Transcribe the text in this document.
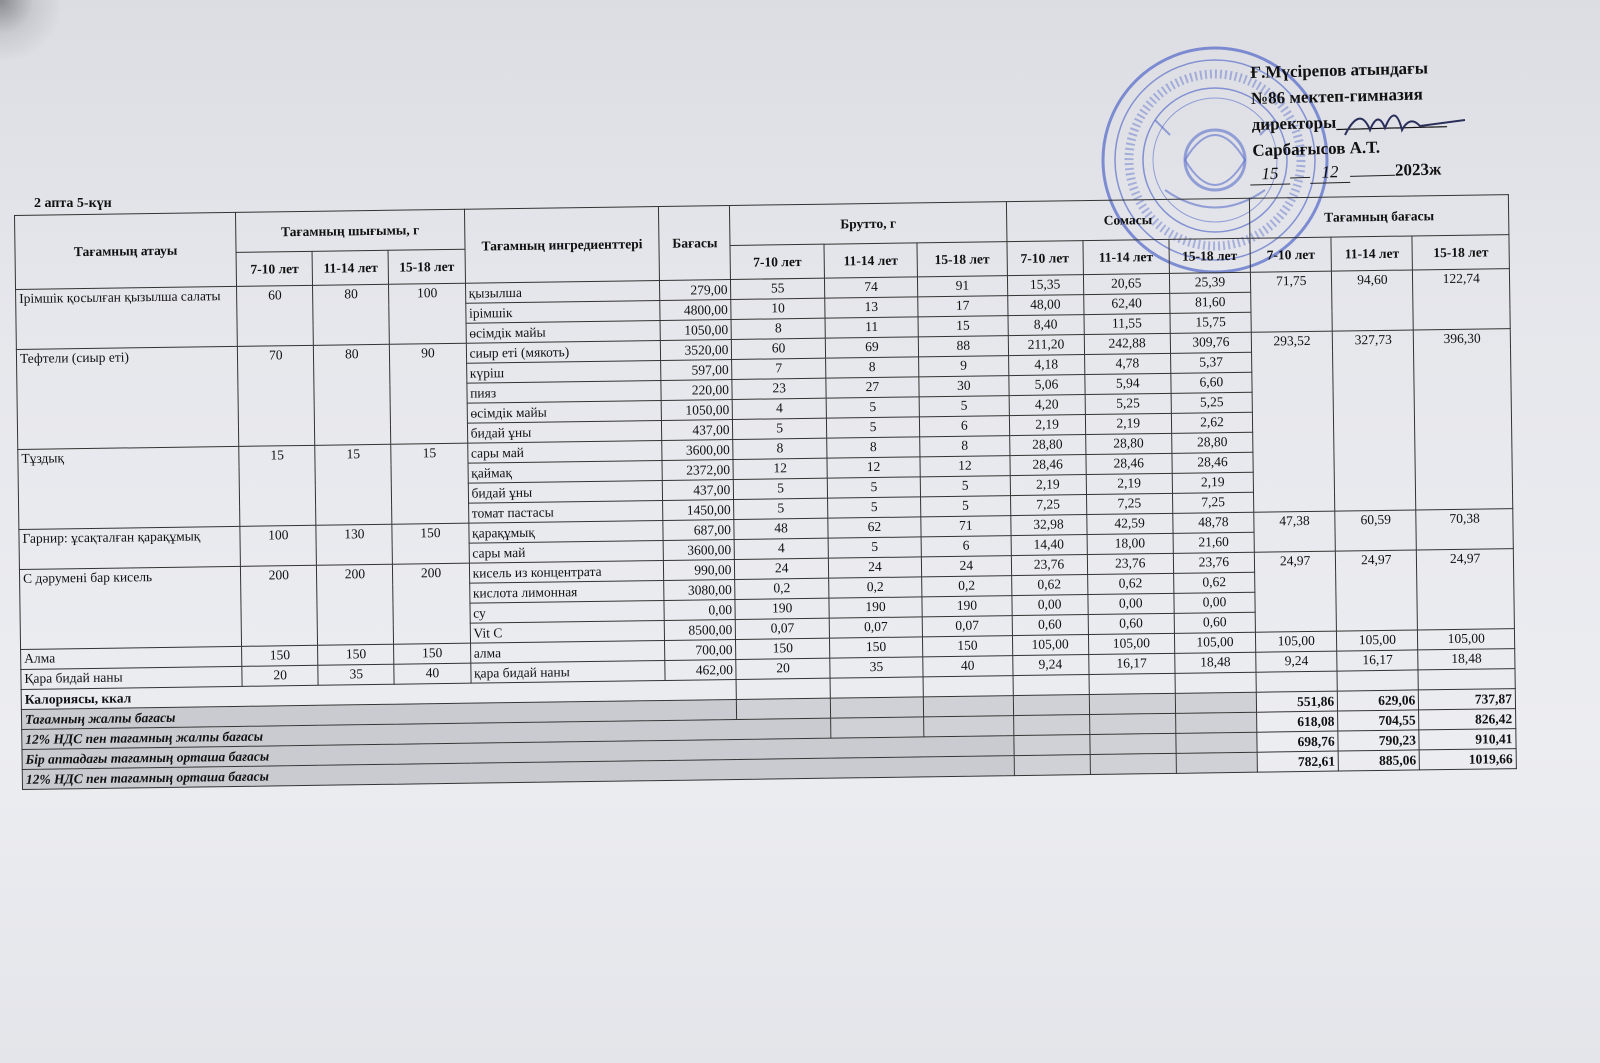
Ғ.Мүсірепов атындағы
№86 мектеп-гимназия
директоры_____________
Сарбағысов А.Т.
15 12	2023ж
2 апта 5-күн
Тағамның атауы	Тағамның шығымы, г			Тағамның ингредиенттері	Бағасы	Брутто, г			Сомасы			Тағамның бағасы		
	7-10 лет	11-14 лет	15-18 лет			7-10 лет	11-14 лет	15-18 лет	7-10 лет	11-14 лет	15-18 лет	7-10 лет	11-14 лет	15-18 лет
Ірімшік қосылған қызылша салаты	60	80	100	қызылша	279,00	55	74	91	15,35	20,65	25,39	71,75	94,60	122,74
				ірімшік	4800,00	10	13	17	48,00	62,40	81,60			
				өсімдік майы	1050,00	8	11	15	8,40	11,55	15,75			
Тефтели (сиыр еті)	70	80	90	сиыр еті (мякоть)	3520,00	60	69	88	211,20	242,88	309,76	293,52	327,73	396,30
				күріш	597,00	7	8	9	4,18	4,78	5,37			
				пияз	220,00	23	27	30	5,06	5,94	6,60			
				өсімдік майы	1050,00	4	5	5	4,20	5,25	5,25			
				бидай ұны	437,00	5	5	6	2,19	2,19	2,62			
Тұздық	15	15	15	сары май	3600,00	8	8	8	28,80	28,80	28,80			
				қаймақ	2372,00	12	12	12	28,46	28,46	28,46			
				бидай ұны	437,00	5	5	5	2,19	2,19	2,19			
				томат пастасы	1450,00	5	5	5	7,25	7,25	7,25			
Гарнир: ұсақталған қарақұмық	100	130	150	қарақұмық	687,00	48	62	71	32,98	42,59	48,78	47,38	60,59	70,38
				сары май	3600,00	4	5	6	14,40	18,00	21,60			
С дәрумені бар кисель	200	200	200	кисель из концентрата	990,00	24	24	24	23,76	23,76	23,76	24,97	24,97	24,97
				кислота лимонная	3080,00	0,2	0,2	0,2	0,62	0,62	0,62			
				су	0,00	190	190	190	0,00	0,00	0,00			
				Vit C	8500,00	0,07	0,07	0,07	0,60	0,60	0,60			
Алма	150	150	150	алма	700,00	150	150	150	105,00	105,00	105,00	105,00	105,00	105,00
Қара бидай наны	20	35	40	қара бидай наны	462,00	20	35	40	9,24	16,17	18,48	9,24	16,17	18,48
Калориясы, ккал														
Тағамның жалпы бағасы												551,86	629,06	737,87
12% НДС пен тағамның жалпы бағасы												618,08	704,55	826,42
Бір аптадағы тағамның орташа бағасы												698,76	790,23	910,41
12% НДС пен тағамның орташа бағасы												782,61	885,06	1019,66
